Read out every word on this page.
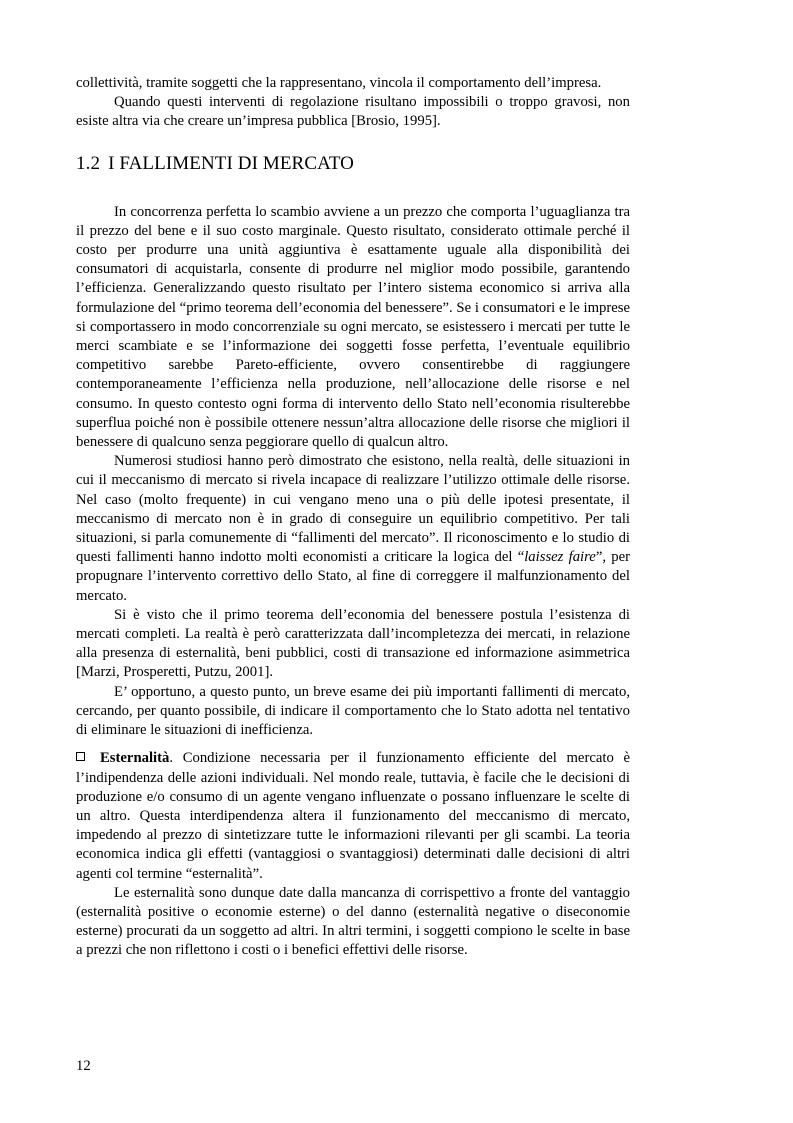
collettività, tramite soggetti che la rappresentano, vincola il comportamento dell’impresa.

Quando questi interventi di regolazione risultano impossibili o troppo gravosi, non esiste altra via che creare un’impresa pubblica [Brosio, 1995].

1.2 I FALLIMENTI DI MERCATO

In concorrenza perfetta lo scambio avviene a un prezzo che comporta l’uguaglianza tra il prezzo del bene e il suo costo marginale. Questo risultato, considerato ottimale perché il costo per produrre una unità aggiuntiva è esattamente uguale alla disponibilità dei consumatori di acquistarla, consente di produrre nel miglior modo possibile, garantendo l’efficienza. Generalizzando questo risultato per l’intero sistema economico si arriva alla formulazione del “primo teorema dell’economia del benessere”. Se i consumatori e le imprese si comportassero in modo concorrenziale su ogni mercato, se esistessero i mercati per tutte le merci scambiate e se l’informazione dei soggetti fosse perfetta, l’eventuale equilibrio competitivo sarebbe Pareto-efficiente, ovvero consentirebbe di raggiungere contemporaneamente l’efficienza nella produzione, nell’allocazione delle risorse e nel consumo. In questo contesto ogni forma di intervento dello Stato nell’economia risulterebbe superflua poiché non è possibile ottenere nessun’altra allocazione delle risorse che migliori il benessere di qualcuno senza peggiorare quello di qualcun altro.

Numerosi studiosi hanno però dimostrato che esistono, nella realtà, delle situazioni in cui il meccanismo di mercato si rivela incapace di realizzare l’utilizzo ottimale delle risorse. Nel caso (molto frequente) in cui vengano meno una o più delle ipotesi presentate, il meccanismo di mercato non è in grado di conseguire un equilibrio competitivo. Per tali situazioni, si parla comunemente di “fallimenti del mercato”. Il riconoscimento e lo studio di questi fallimenti hanno indotto molti economisti a criticare la logica del “laissez faire”, per propugnare l’intervento correttivo dello Stato, al fine di correggere il malfunzionamento del mercato.

Si è visto che il primo teorema dell’economia del benessere postula l’esistenza di mercati completi. La realtà è però caratterizzata dall’incompletezza dei mercati, in relazione alla presenza di esternalità, beni pubblici, costi di transazione ed informazione asimmetrica [Marzi, Prosperetti, Putzu, 2001].

E’ opportuno, a questo punto, un breve esame dei più importanti fallimenti di mercato, cercando, per quanto possibile, di indicare il comportamento che lo Stato adotta nel tentativo di eliminare le situazioni di inefficienza.

Esternalità. Condizione necessaria per il funzionamento efficiente del mercato è l’indipendenza delle azioni individuali. Nel mondo reale, tuttavia, è facile che le decisioni di produzione e/o consumo di un agente vengano influenzate o possano influenzare le scelte di un altro. Questa interdipendenza altera il funzionamento del meccanismo di mercato, impedendo al prezzo di sintetizzare tutte le informazioni rilevanti per gli scambi. La teoria economica indica gli effetti (vantaggiosi o svantaggiosi) determinati dalle decisioni di altri agenti col termine “esternalità”.

Le esternalità sono dunque date dalla mancanza di corrispettivo a fronte del vantaggio (esternalità positive o economie esterne) o del danno (esternalità negative o diseconomie esterne) procurati da un soggetto ad altri. In altri termini, i soggetti compiono le scelte in base a prezzi che non riflettono i costi o i benefici effettivi delle risorse.

12
